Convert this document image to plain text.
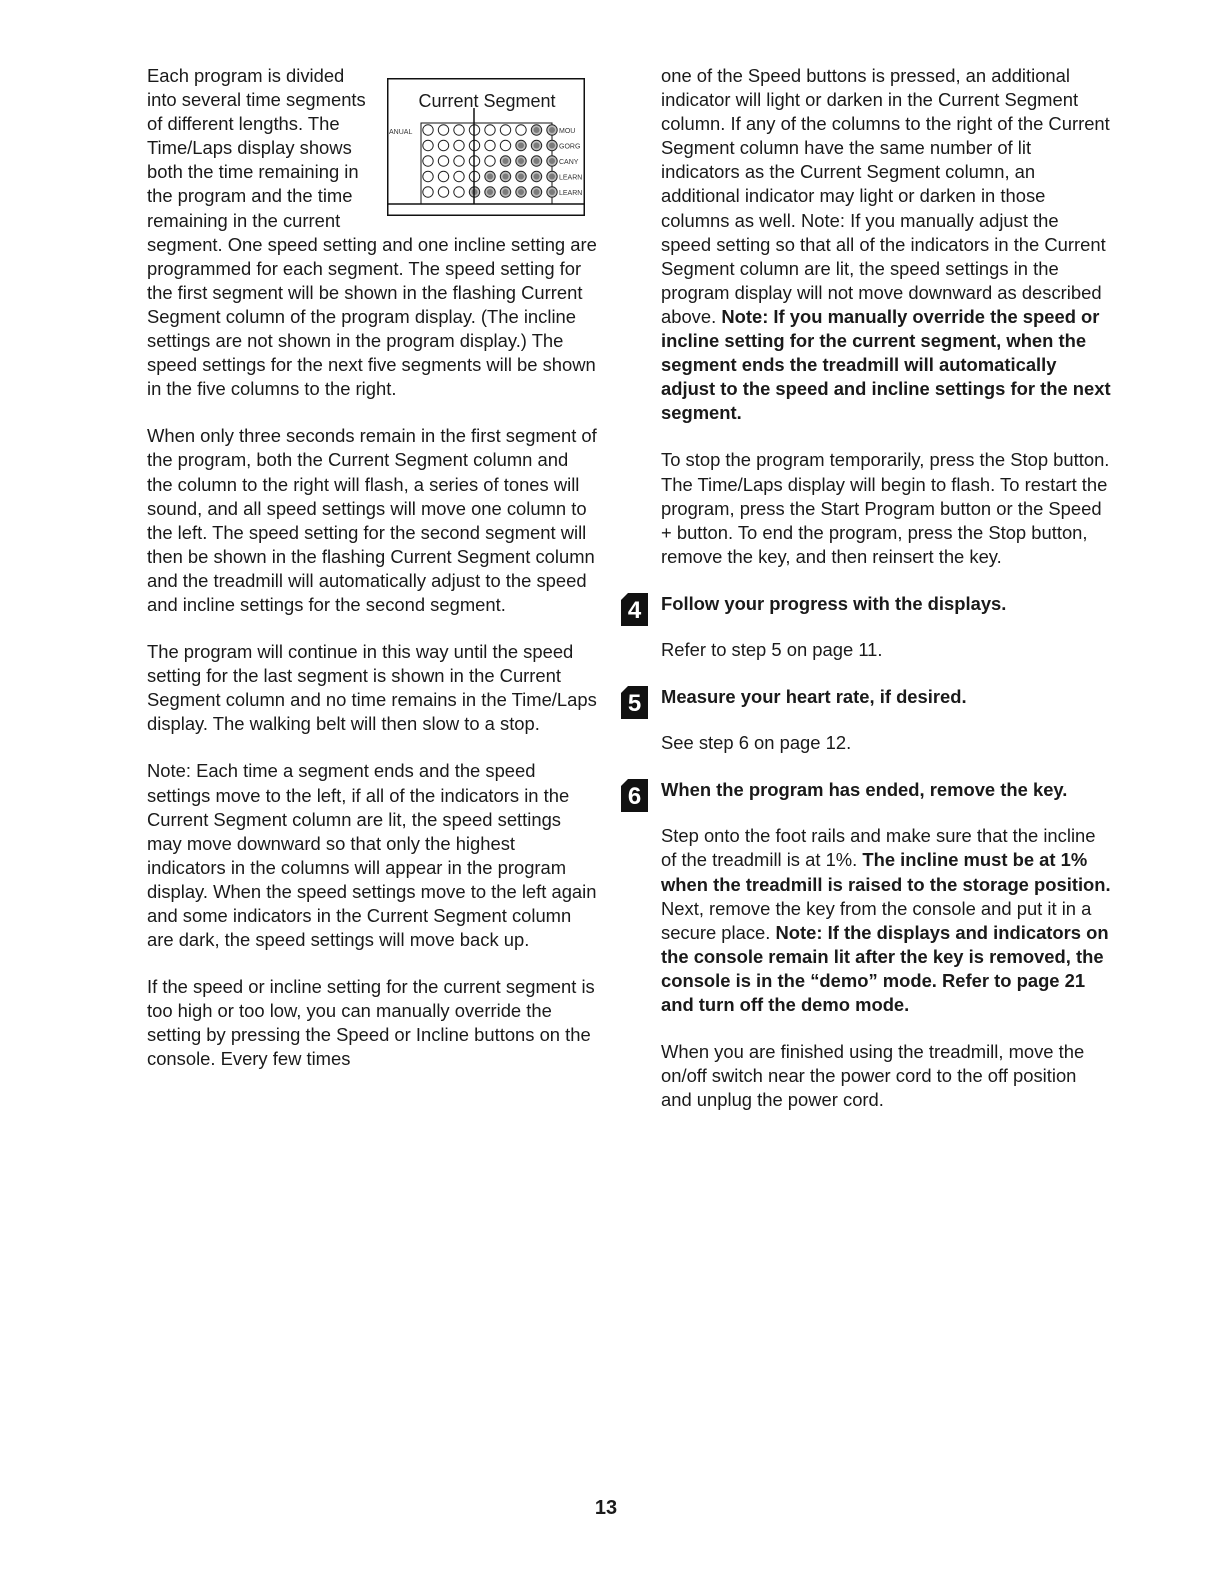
Current Segment
ANUAL	MOU
GORG
CANY
LEARN
LEARN

Each program is divided into several time segments of different lengths. The Time/Laps display shows both the time remaining in the program and the time remaining in the current segment. One speed setting and one incline setting are programmed for each segment. The speed setting for the first segment will be shown in the flashing Current Segment column of the program display. (The incline settings are not shown in the program display.) The speed settings for the next five segments will be shown in the five columns to the right.

When only three seconds remain in the first segment of the program, both the Current Segment column and the column to the right will flash, a series of tones will sound, and all speed settings will move one column to the left. The speed setting for the second segment will then be shown in the flashing Current Segment column and the treadmill will automatically adjust to the speed and incline settings for the second segment.

The program will continue in this way until the speed setting for the last segment is shown in the Current Segment column and no time remains in the Time/Laps display. The walking belt will then slow to a stop.

Note: Each time a segment ends and the speed settings move to the left, if all of the indicators in the Current Segment column are lit, the speed settings may move downward so that only the highest indicators in the columns will appear in the program display. When the speed settings move to the left again and some indicators in the Current Segment column are dark, the speed settings will move back up.

If the speed or incline setting for the current segment is too high or too low, you can manually override the setting by pressing the Speed or Incline buttons on the console. Every few times

one of the Speed buttons is pressed, an additional indicator will light or darken in the Current Segment column. If any of the columns to the right of the Current Segment column have the same number of lit indicators as the Current Segment column, an additional indicator may light or darken in those columns as well. Note: If you manually adjust the speed setting so that all of the indicators in the Current Segment column are lit, the speed settings in the program display will not move downward as described above. Note: If you manually override the speed or incline setting for the current segment, when the segment ends the treadmill will automatically adjust to the speed and incline settings for the next segment.

To stop the program temporarily, press the Stop button. The Time/Laps display will begin to flash. To restart the program, press the Start Program button or the Speed + button. To end the program, press the Stop button, remove the key, and then reinsert the key.

4	Follow your progress with the displays.

Refer to step 5 on page 11.

5	Measure your heart rate, if desired.

See step 6 on page 12.

6	When the program has ended, remove the key.

Step onto the foot rails and make sure that the incline of the treadmill is at 1%. The incline must be at 1% when the treadmill is raised to the storage position. Next, remove the key from the console and put it in a secure place. Note: If the displays and indicators on the console remain lit after the key is removed, the console is in the “demo” mode. Refer to page 21 and turn off the demo mode.

When you are finished using the treadmill, move the on/off switch near the power cord to the off position and unplug the power cord.

13
